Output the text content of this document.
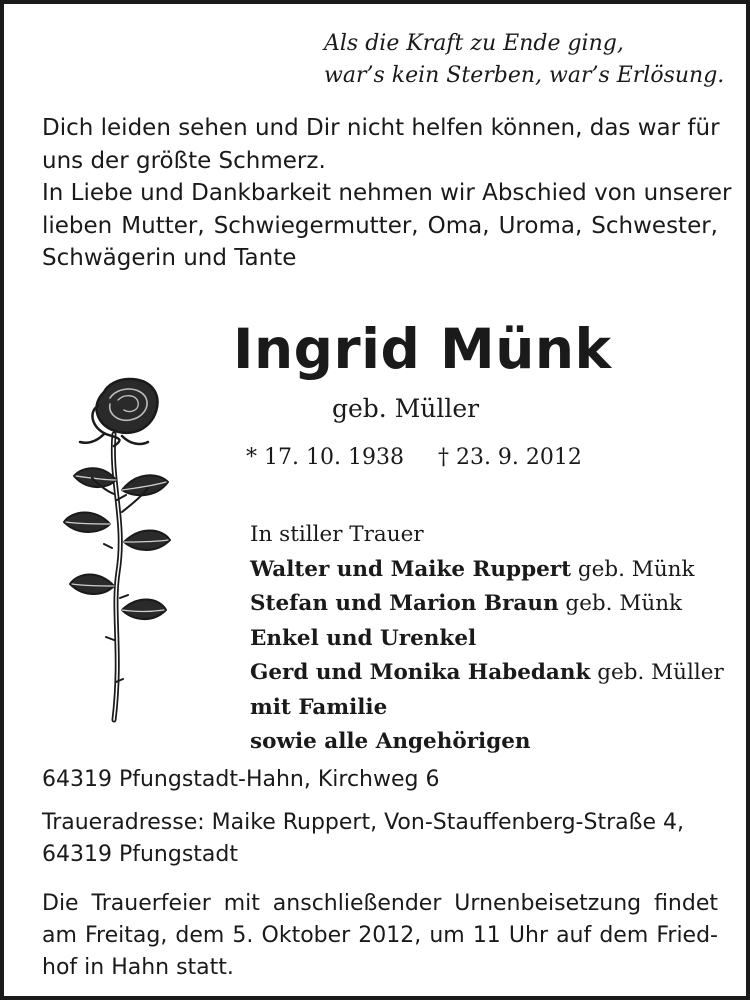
Als die Kraft zu Ende ging,
war’s kein Sterben, war’s Erlösung.
Dich leiden sehen und Dir nicht helfen können, das war für
uns der größte Schmerz.
In Liebe und Dankbarkeit nehmen wir Abschied von unserer
lieben Mutter, Schwiegermutter, Oma, Uroma, Schwester,
Schwägerin und Tante
Ingrid Münk
geb. Müller
* 17. 10. 1938 † 23. 9. 2012
In stiller Trauer
Walter und Maike Ruppert geb. Münk
Stefan und Marion Braun geb. Münk
Enkel und Urenkel
Gerd und Monika Habedank geb. Müller
mit Familie
sowie alle Angehörigen
64319 Pfungstadt-Hahn, Kirchweg 6
Traueradresse: Maike Ruppert, Von-Stauffenberg-Straße 4,
64319 Pfungstadt
Die Trauerfeier mit anschließender Urnenbeisetzung findet
am Freitag, dem 5. Oktober 2012, um 11 Uhr auf dem Fried-
hof in Hahn statt.
